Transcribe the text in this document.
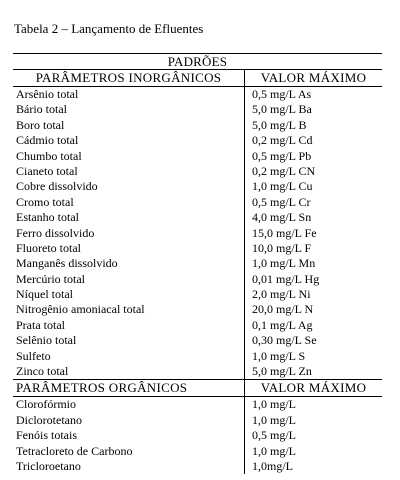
Tabela 2 – Lançamento de Efluentes
PADRÕES
PARÂMETROS INORGÂNICOS	VALOR MÁXIMO
Arsênio total	0,5 mg/L As
Bário total	5,0 mg/L Ba
Boro total	5,0 mg/L B
Cádmio total	0,2 mg/L Cd
Chumbo total	0,5 mg/L Pb
Cianeto total	0,2 mg/L CN
Cobre dissolvido	1,0 mg/L Cu
Cromo total	0,5 mg/L Cr
Estanho total	4,0 mg/L Sn
Ferro dissolvido	15,0 mg/L Fe
Fluoreto total	10,0 mg/L F
Manganês dissolvido	1,0 mg/L Mn
Mercúrio total	0,01 mg/L Hg
Níquel total	2,0 mg/L Ni
Nitrogênio amoniacal total	20,0 mg/L N
Prata total	0,1 mg/L Ag
Selênio total	0,30 mg/L Se
Sulfeto	1,0 mg/L S
Zinco total	5,0 mg/L Zn
PARÂMETROS ORGÂNICOS	VALOR MÁXIMO
Clorofórmio	1,0 mg/L
Diclorotetano	1,0 mg/L
Fenóis totais	0,5 mg/L
Tetracloreto de Carbono	1,0 mg/L
Tricloroetano	1,0mg/L
